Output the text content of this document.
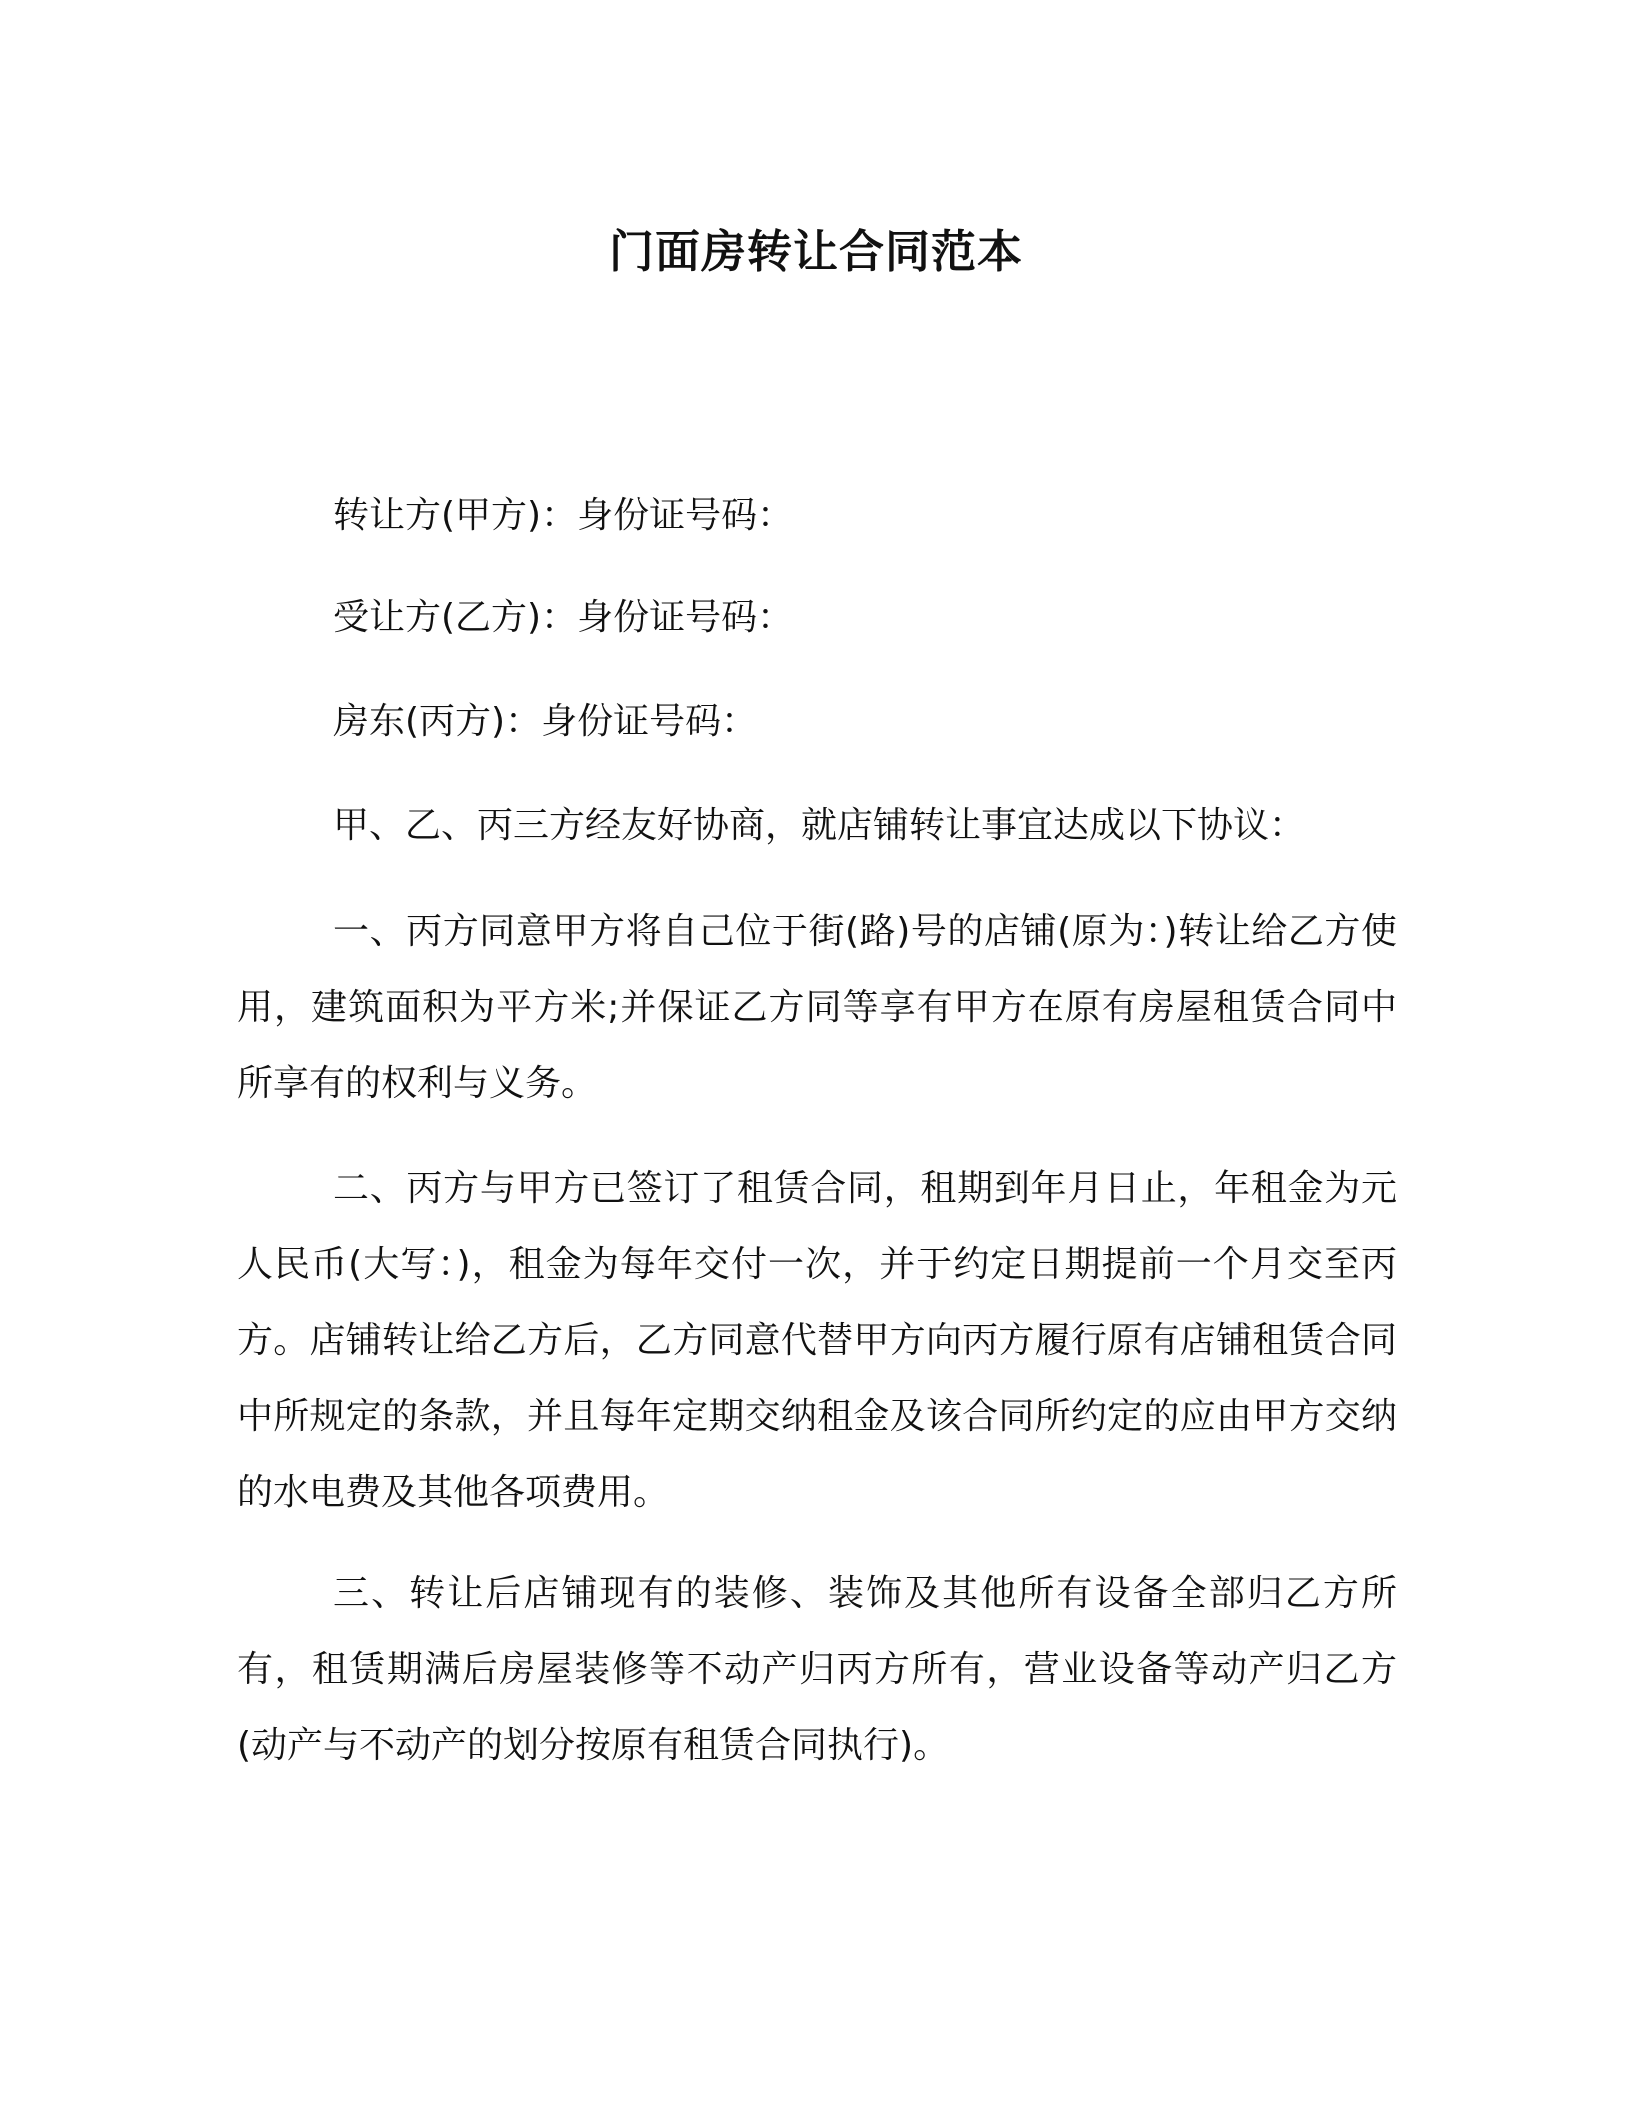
门面房转让合同范本
转让方(甲方)：身份证号码：
受让方(乙方)：身份证号码：
房东(丙方)：身份证号码：
甲、乙、丙三方经友好协商，就店铺转让事宜达成以下协议：
一、丙方同意甲方将自己位于街(路)号的店铺(原为：)转让给乙方使用，建筑面积为平方米;并保证乙方同等享有甲方在原有房屋租赁合同中所享有的权利与义务。
二、丙方与甲方已签订了租赁合同，租期到年月日止，年租金为元人民币(大写：)，租金为每年交付一次，并于约定日期提前一个月交至丙方。店铺转让给乙方后，乙方同意代替甲方向丙方履行原有店铺租赁合同中所规定的条款，并且每年定期交纳租金及该合同所约定的应由甲方交纳的水电费及其他各项费用。
三、转让后店铺现有的装修、装饰及其他所有设备全部归乙方所有，租赁期满后房屋装修等不动产归丙方所有，营业设备等动产归乙方(动产与不动产的划分按原有租赁合同执行)。
